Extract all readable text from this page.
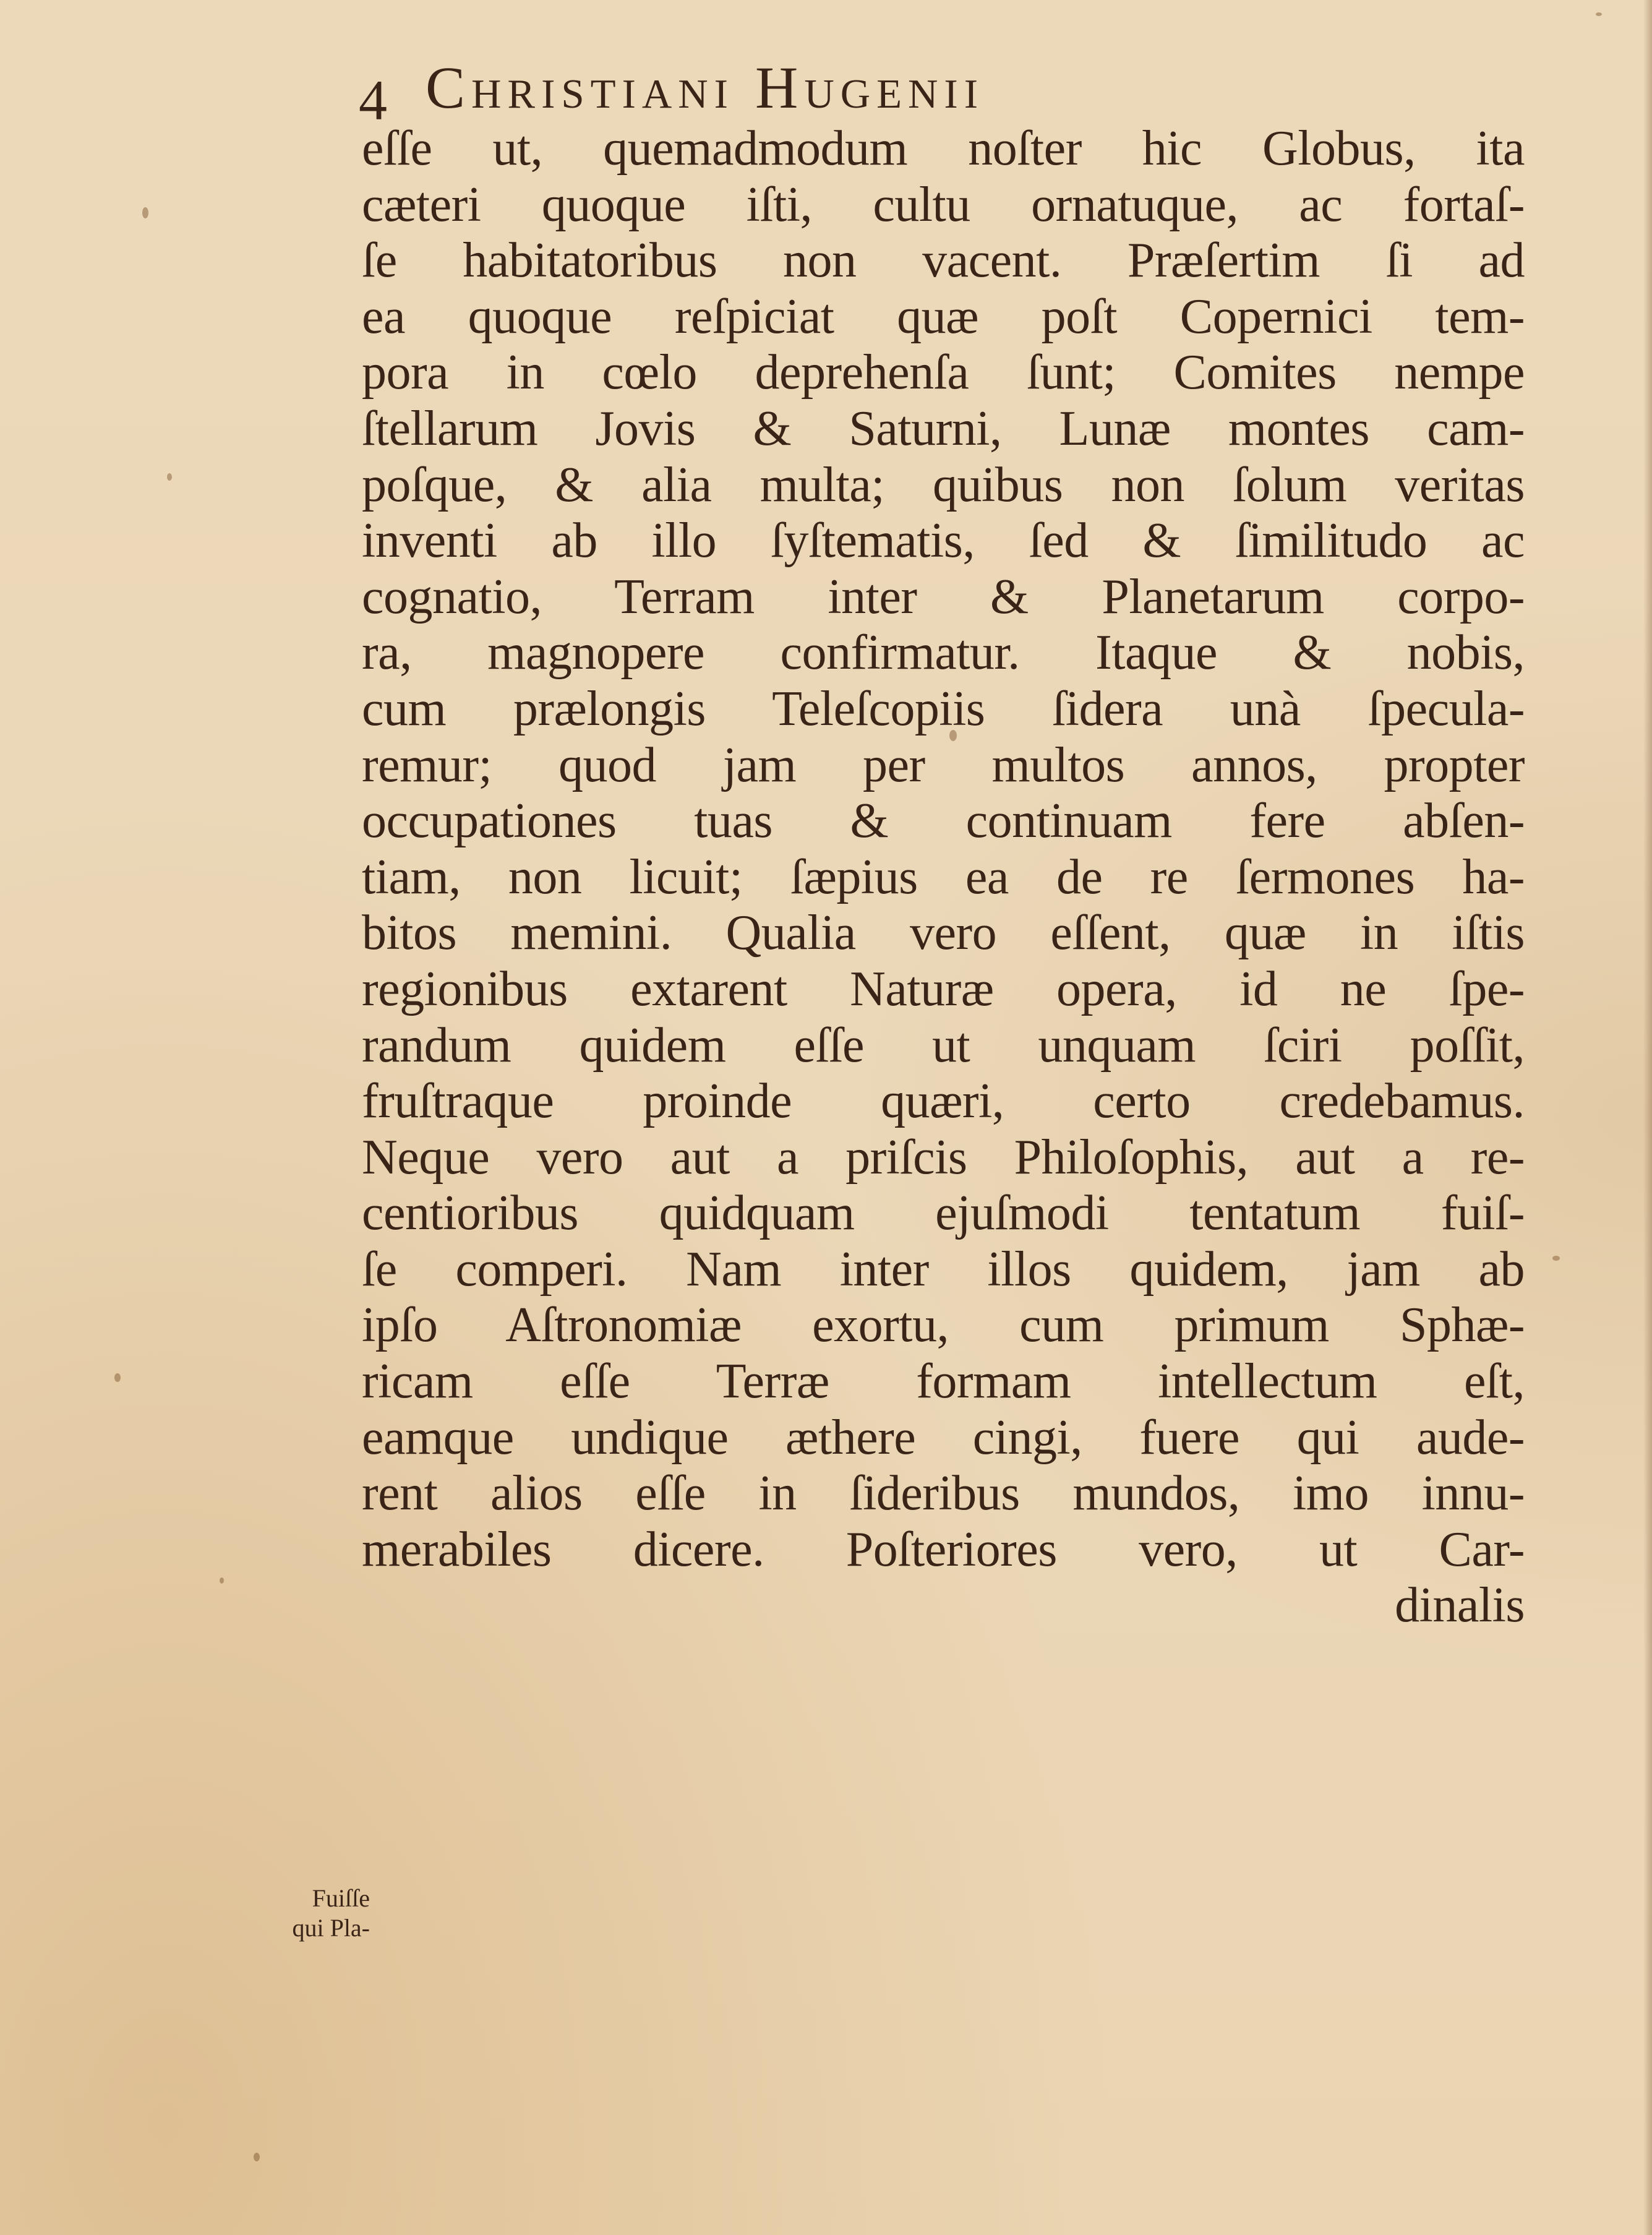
4 Christiani Hugenii
eſſe ut, quemadmodum noſter hic Globus, ita
cæteri quoque iſti, cultu ornatuque, ac fortaſ-
ſe habitatoribus non vacent. Præſertim ſi ad
ea quoque reſpiciat quæ poſt Copernici tem-
pora in cœlo deprehenſa ſunt; Comites nempe
ſtellarum Jovis & Saturni, Lunæ montes cam-
poſque, & alia multa; quibus non ſolum veritas
inventi ab illo ſyſtematis, ſed & ſimilitudo ac
cognatio, Terram inter & Planetarum corpo-
ra, magnopere confirmatur. Itaque & nobis,
cum prælongis Teleſcopiis ſidera unà ſpecula-
remur; quod jam per multos annos, propter
occupationes tuas & continuam fere abſen-
tiam, non licuit; ſæpius ea de re ſermones ha-
bitos memini. Qualia vero eſſent, quæ in iſtis
regionibus extarent Naturæ opera, id ne ſpe-
randum quidem eſſe ut unquam ſciri poſſit,
fruſtraque proinde quæri, certo credebamus.
Neque vero aut a priſcis Philoſophis, aut a re-
centioribus quidquam ejuſmodi tentatum fuiſ-
ſe comperi. Nam inter illos quidem, jam ab
ipſo Aſtronomiæ exortu, cum primum Sphæ-
ricam eſſe Terræ formam intellectum eſt,
eamque undique æthere cingi, fuere qui aude-
rent alios eſſe in ſideribus mundos, imo innu-
merabiles dicere. Poſteriores vero, ut Car-
dinalis
Fuiſſe
qui Pla-
